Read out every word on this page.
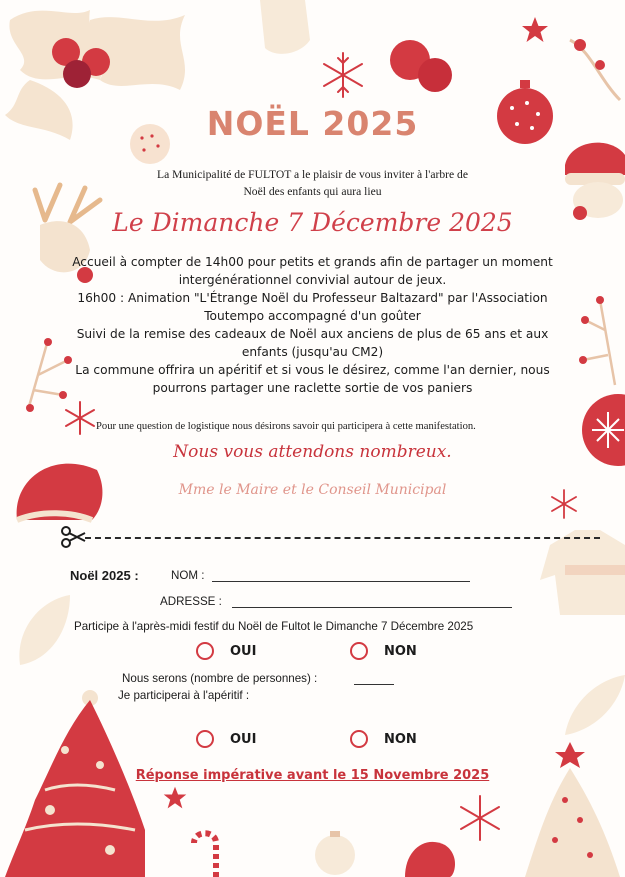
NOËL 2025
La Municipalité de FULTOT a le plaisir de vous inviter à l'arbre de
Noël des enfants qui aura lieu
Le Dimanche 7 Décembre 2025
Accueil à compter de 14h00 pour petits et grands afin de partager un moment
intergénérationnel convivial autour de jeux.
16h00 : Animation "L'Étrange Noël du Professeur Baltazard" par l'Association
Toutempo accompagné d'un goûter
Suivi de la remise des cadeaux de Noël aux anciens de plus de 65 ans et aux
enfants (jusqu'au CM2)
La commune offrira un apéritif et si vous le désirez, comme l'an dernier, nous
pourrons partager une raclette sortie de vos paniers
Pour une question de logistique nous désirons savoir qui participera à cette manifestation.
Nous vous attendons nombreux.
Mme le Maire et le Conseil Municipal
Noël 2025 :	NOM :
ADRESSE :
Participe à l'après-midi festif du Noël de Fultot le Dimanche 7 Décembre 2025
OUI	NON
Nous serons (nombre de personnes) :
Je participerai à l'apéritif :
OUI	NON
Réponse impérative avant le 15 Novembre 2025
